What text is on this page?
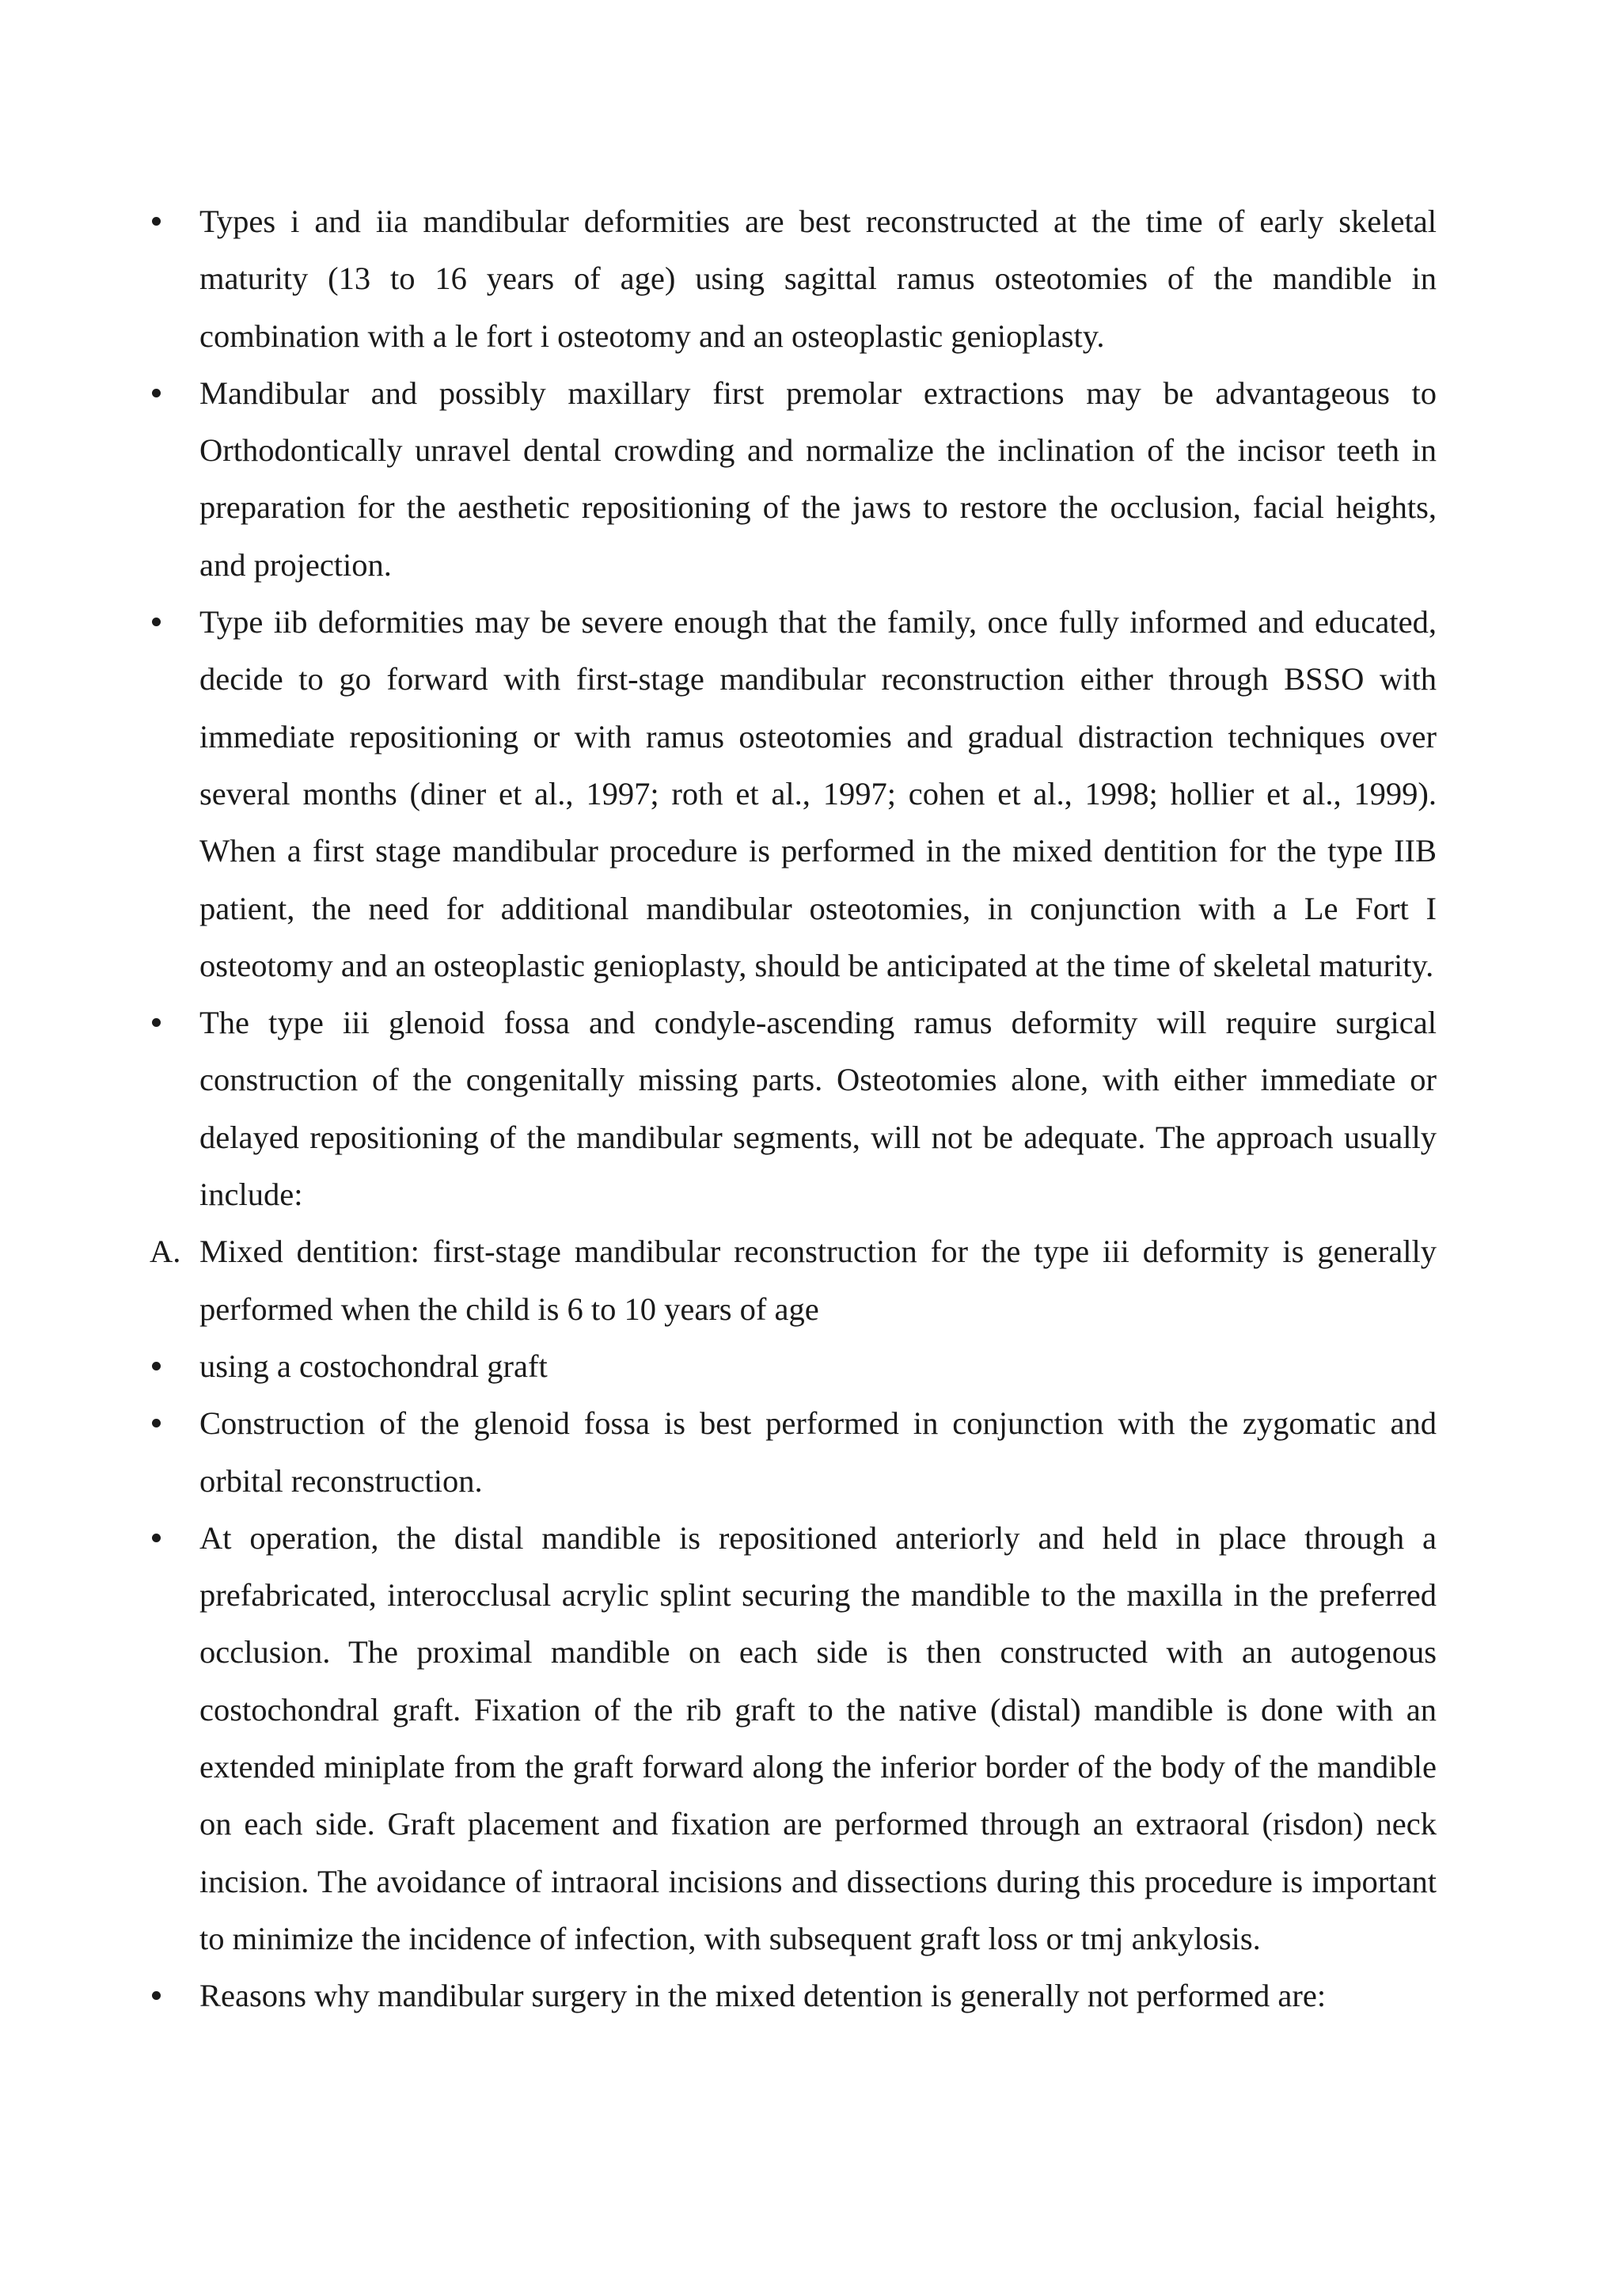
Types i and iia mandibular deformities are best reconstructed at the time of early skeletal maturity (13 to 16 years of age) using sagittal ramus osteotomies of the mandible in combination with a le fort i osteotomy and an osteoplastic genioplasty.

Mandibular and possibly maxillary first premolar extractions may be advantageous to Orthodontically unravel dental crowding and normalize the inclination of the incisor teeth in preparation for the aesthetic repositioning of the jaws to restore the occlusion, facial heights, and projection.

Type iib deformities may be severe enough that the family, once fully informed and educated, decide to go forward with first-stage mandibular reconstruction either through BSSO with immediate repositioning or with ramus osteotomies and gradual distraction techniques over several months (diner et al., 1997; roth et al., 1997; cohen et al., 1998; hollier et al., 1999). When a first stage mandibular procedure is performed in the mixed dentition for the type IIB patient, the need for additional mandibular osteotomies, in conjunction with a Le Fort I osteotomy and an osteoplastic genioplasty, should be anticipated at the time of skeletal maturity.

The type iii glenoid fossa and condyle-ascending ramus deformity will require surgical construction of the congenitally missing parts. Osteotomies alone, with either immediate or delayed repositioning of the mandibular segments, will not be adequate. The approach usually include:

A. Mixed dentition: first-stage mandibular reconstruction for the type iii deformity is generally performed when the child is 6 to 10 years of age

using a costochondral graft

Construction of the glenoid fossa is best performed in conjunction with the zygomatic and orbital reconstruction.

At operation, the distal mandible is repositioned anteriorly and held in place through a prefabricated, interocclusal acrylic splint securing the mandible to the maxilla in the preferred occlusion. The proximal mandible on each side is then constructed with an autogenous costochondral graft. Fixation of the rib graft to the native (distal) mandible is done with an extended miniplate from the graft forward along the inferior border of the body of the mandible on each side. Graft placement and fixation are performed through an extraoral (risdon) neck incision. The avoidance of intraoral incisions and dissections during this procedure is important to minimize the incidence of infection, with subsequent graft loss or tmj ankylosis.

Reasons why mandibular surgery in the mixed detention is generally not performed are:
